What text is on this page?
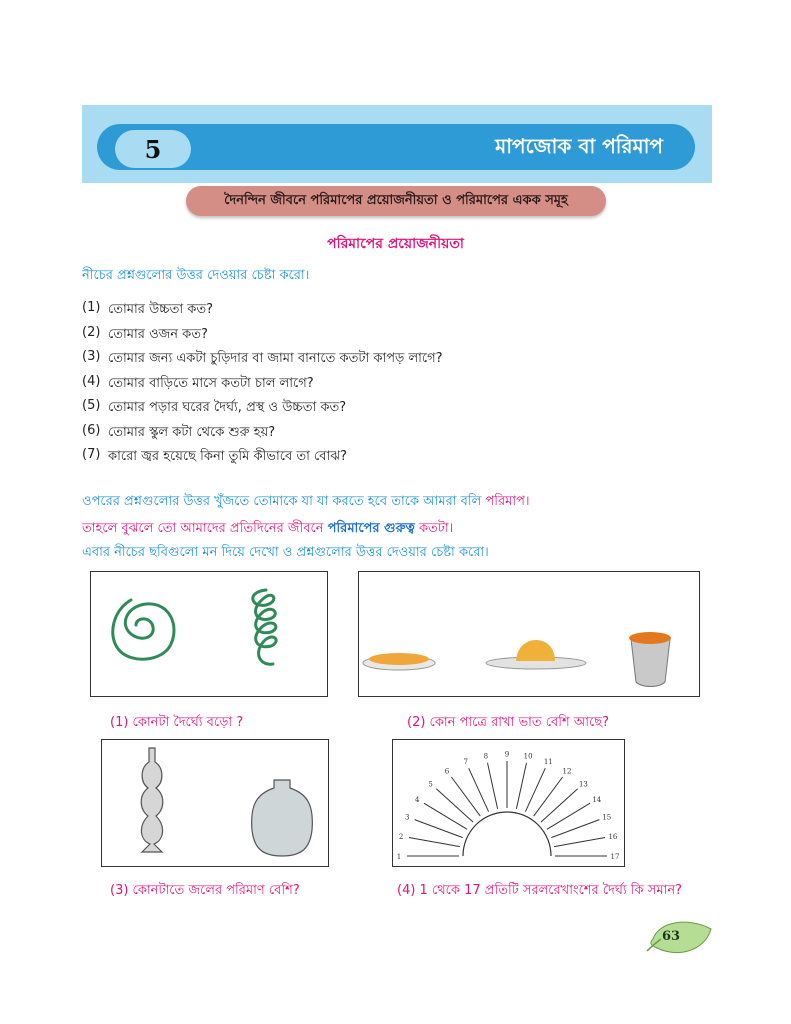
5	মাপজোক বা পরিমাপ
দৈনন্দিন জীবনে পরিমাপের প্রয়োজনীয়তা ও পরিমাপের একক সমূহ
পরিমাপের প্রয়োজনীয়তা
নীচের প্রশ্নগুলোর উত্তর দেওয়ার চেষ্টা করো।
(1) তোমার উচ্চতা কত?
(2) তোমার ওজন কত?
(3) তোমার জন্য একটা চুড়িদার বা জামা বানাতে কতটা কাপড় লাগে?
(4) তোমার বাড়িতে মাসে কতটা চাল লাগে?
(5) তোমার পড়ার ঘরের দৈর্ঘ্য, প্রস্থ ও উচ্চতা কত?
(6) তোমার স্কুল কটা থেকে শুরু হয়?
(7) কারো জ্বর হয়েছে কিনা তুমি কীভাবে তা বোঝ?
ওপরের প্রশ্নগুলোর উত্তর খুঁজতে তোমাকে যা যা করতে হবে তাকে আমরা বলি পরিমাপ।
তাহলে বুঝলে তো আমাদের প্রতিদিনের জীবনে পরিমাপের গুরুত্ব কতটা।
এবার নীচের ছবিগুলো মন দিয়ে দেখো ও প্রশ্নগুলোর উত্তর দেওয়ার চেষ্টা করো।
1
2
3
4
5
6
7
8 9 10
11
12
13
14
15
16
17
(1) কোনটা দৈর্ঘ্যে বড়ো ?	(2) কোন পাত্রে রাখা ভাত বেশি আছে?
(3) কোনটাতে জলের পরিমাণ বেশি?	(4) 1 থেকে 17 প্রতিটি সরলরেখাংশের দৈর্ঘ্য কি সমান?
63
